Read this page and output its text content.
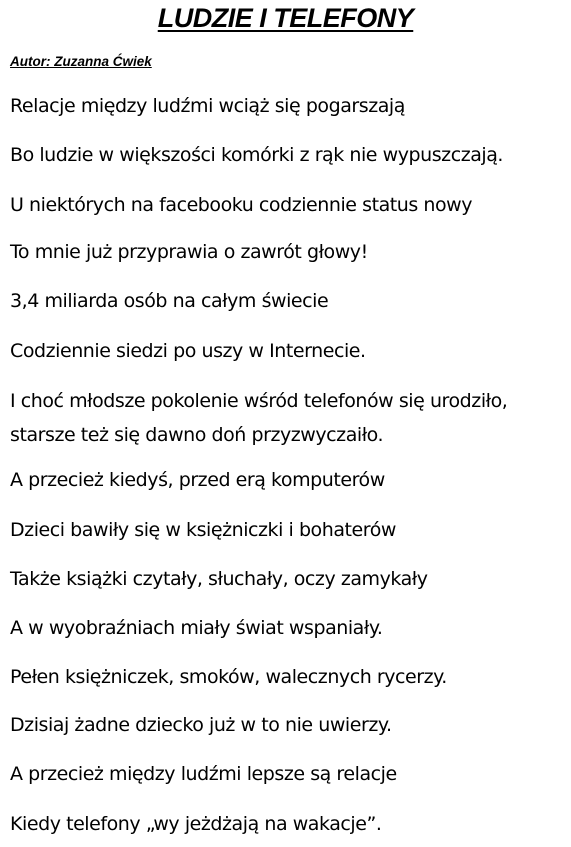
LUDZIE I TELEFONY

Autor: Zuzanna Ćwiek

Relacje między ludźmi wciąż się pogarszają

Bo ludzie w większości komórki z rąk nie wypuszczają.

U niektórych na facebooku codziennie status nowy

To mnie już przyprawia o zawrót głowy!

3,4 miliarda osób na całym świecie

Codziennie siedzi po uszy w Internecie.

I choć młodsze pokolenie wśród telefonów się urodziło,

starsze też się dawno doń przyzwyczaiło.

A przecież kiedyś, przed erą komputerów

Dzieci bawiły się w księżniczki i bohaterów

Także książki czytały, słuchały, oczy zamykały

A w wyobraźniach miały świat wspaniały.

Pełen księżniczek, smoków, walecznych rycerzy.

Dzisiaj żadne dziecko już w to nie uwierzy.

A przecież między ludźmi lepsze są relacje

Kiedy telefony „wy jeżdżają na wakacje”.
